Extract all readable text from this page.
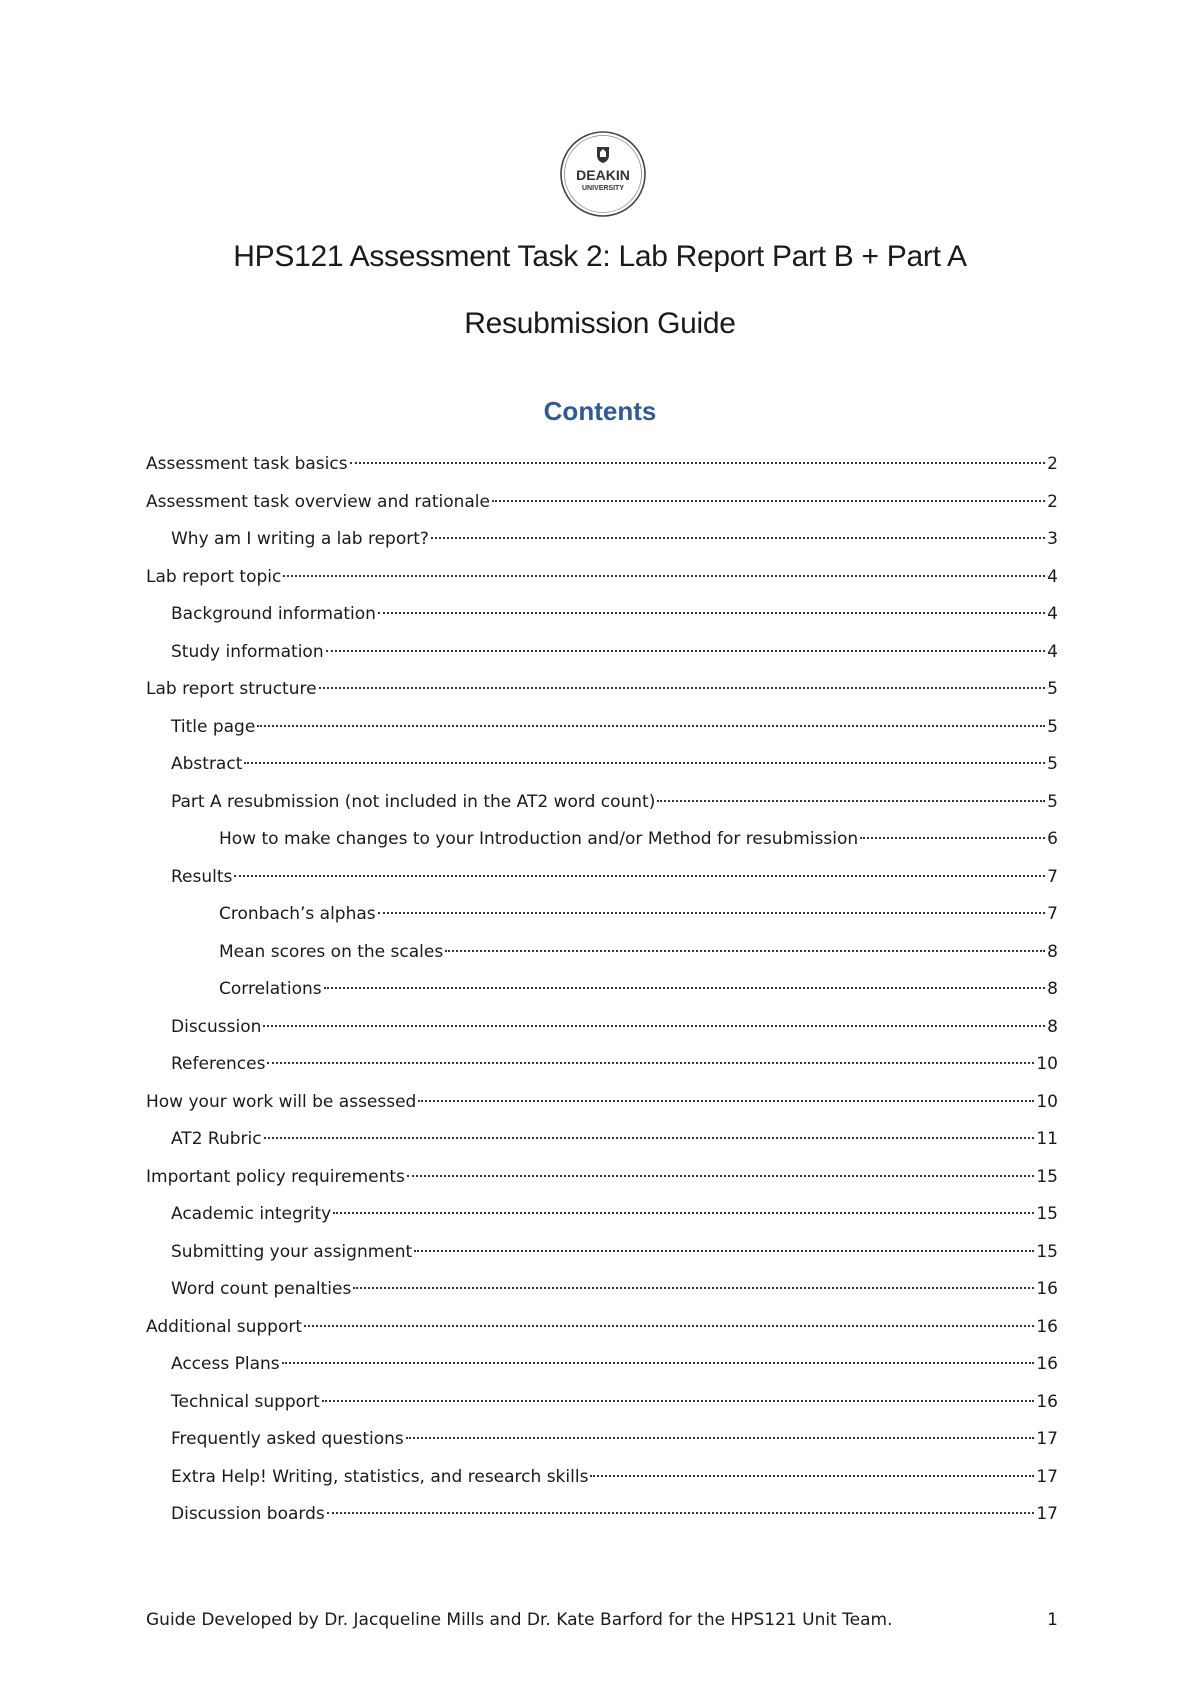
DEAKIN
UNIVERSITY
HPS121 Assessment Task 2: Lab Report Part B + Part A
Resubmission Guide
Contents
Assessment task basics	2
Assessment task overview and rationale	2
Why am I writing a lab report?	3
Lab report topic	4
Background information	4
Study information	4
Lab report structure	5
Title page	5
Abstract	5
Part A resubmission (not included in the AT2 word count)	5
How to make changes to your Introduction and/or Method for resubmission	6
Results	7
Cronbach’s alphas	7
Mean scores on the scales	8
Correlations	8
Discussion	8
References	10
How your work will be assessed	10
AT2 Rubric	11
Important policy requirements	15
Academic integrity	15
Submitting your assignment	15
Word count penalties	16
Additional support	16
Access Plans	16
Technical support	16
Frequently asked questions	17
Extra Help! Writing, statistics, and research skills	17
Discussion boards	17
Guide Developed by Dr. Jacqueline Mills and Dr. Kate Barford for the HPS121 Unit Team.	1
